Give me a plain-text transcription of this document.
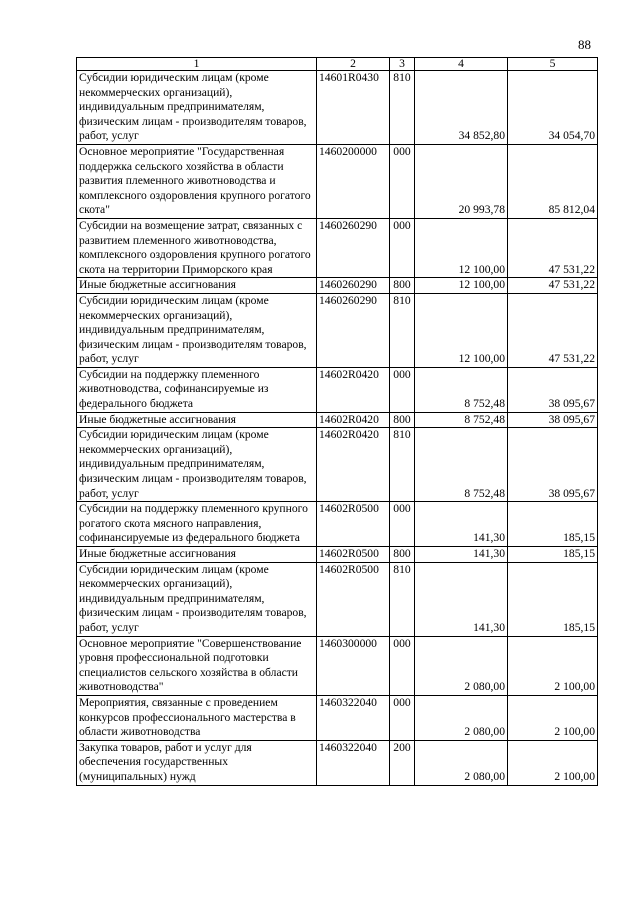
88
1	2	3	4	5
Субсидии юридическим лицам (кроме некоммерческих организаций), индивидуальным предпринимателям, физическим лицам - производителям товаров, работ, услуг	14601R0430	810	34 852,80	34 054,70
Основное мероприятие "Государственная поддержка сельского хозяйства в области развития племенного животноводства и комплексного оздоровления крупного рогатого скота"	1460200000	000	20 993,78	85 812,04
Субсидии на возмещение затрат, связанных с развитием племенного животноводства, комплексного оздоровления крупного рогатого скота на территории Приморского края	1460260290	000	12 100,00	47 531,22
Иные бюджетные ассигнования	1460260290	800	12 100,00	47 531,22
Субсидии юридическим лицам (кроме некоммерческих организаций), индивидуальным предпринимателям, физическим лицам - производителям товаров, работ, услуг	1460260290	810	12 100,00	47 531,22
Субсидии на поддержку племенного животноводства, софинансируемые из федерального бюджета	14602R0420	000	8 752,48	38 095,67
Иные бюджетные ассигнования	14602R0420	800	8 752,48	38 095,67
Субсидии юридическим лицам (кроме некоммерческих организаций), индивидуальным предпринимателям, физическим лицам - производителям товаров, работ, услуг	14602R0420	810	8 752,48	38 095,67
Субсидии на поддержку племенного крупного рогатого скота мясного направления, софинансируемые из федерального бюджета	14602R0500	000	141,30	185,15
Иные бюджетные ассигнования	14602R0500	800	141,30	185,15
Субсидии юридическим лицам (кроме некоммерческих организаций), индивидуальным предпринимателям, физическим лицам - производителям товаров, работ, услуг	14602R0500	810	141,30	185,15
Основное мероприятие "Совершенствование уровня профессиональной подготовки специалистов сельского хозяйства в области животноводства"	1460300000	000	2 080,00	2 100,00
Мероприятия, связанные с проведением конкурсов профессионального мастерства в области животноводства	1460322040	000	2 080,00	2 100,00
Закупка товаров, работ и услуг для обеспечения государственных (муниципальных) нужд	1460322040	200	2 080,00	2 100,00
